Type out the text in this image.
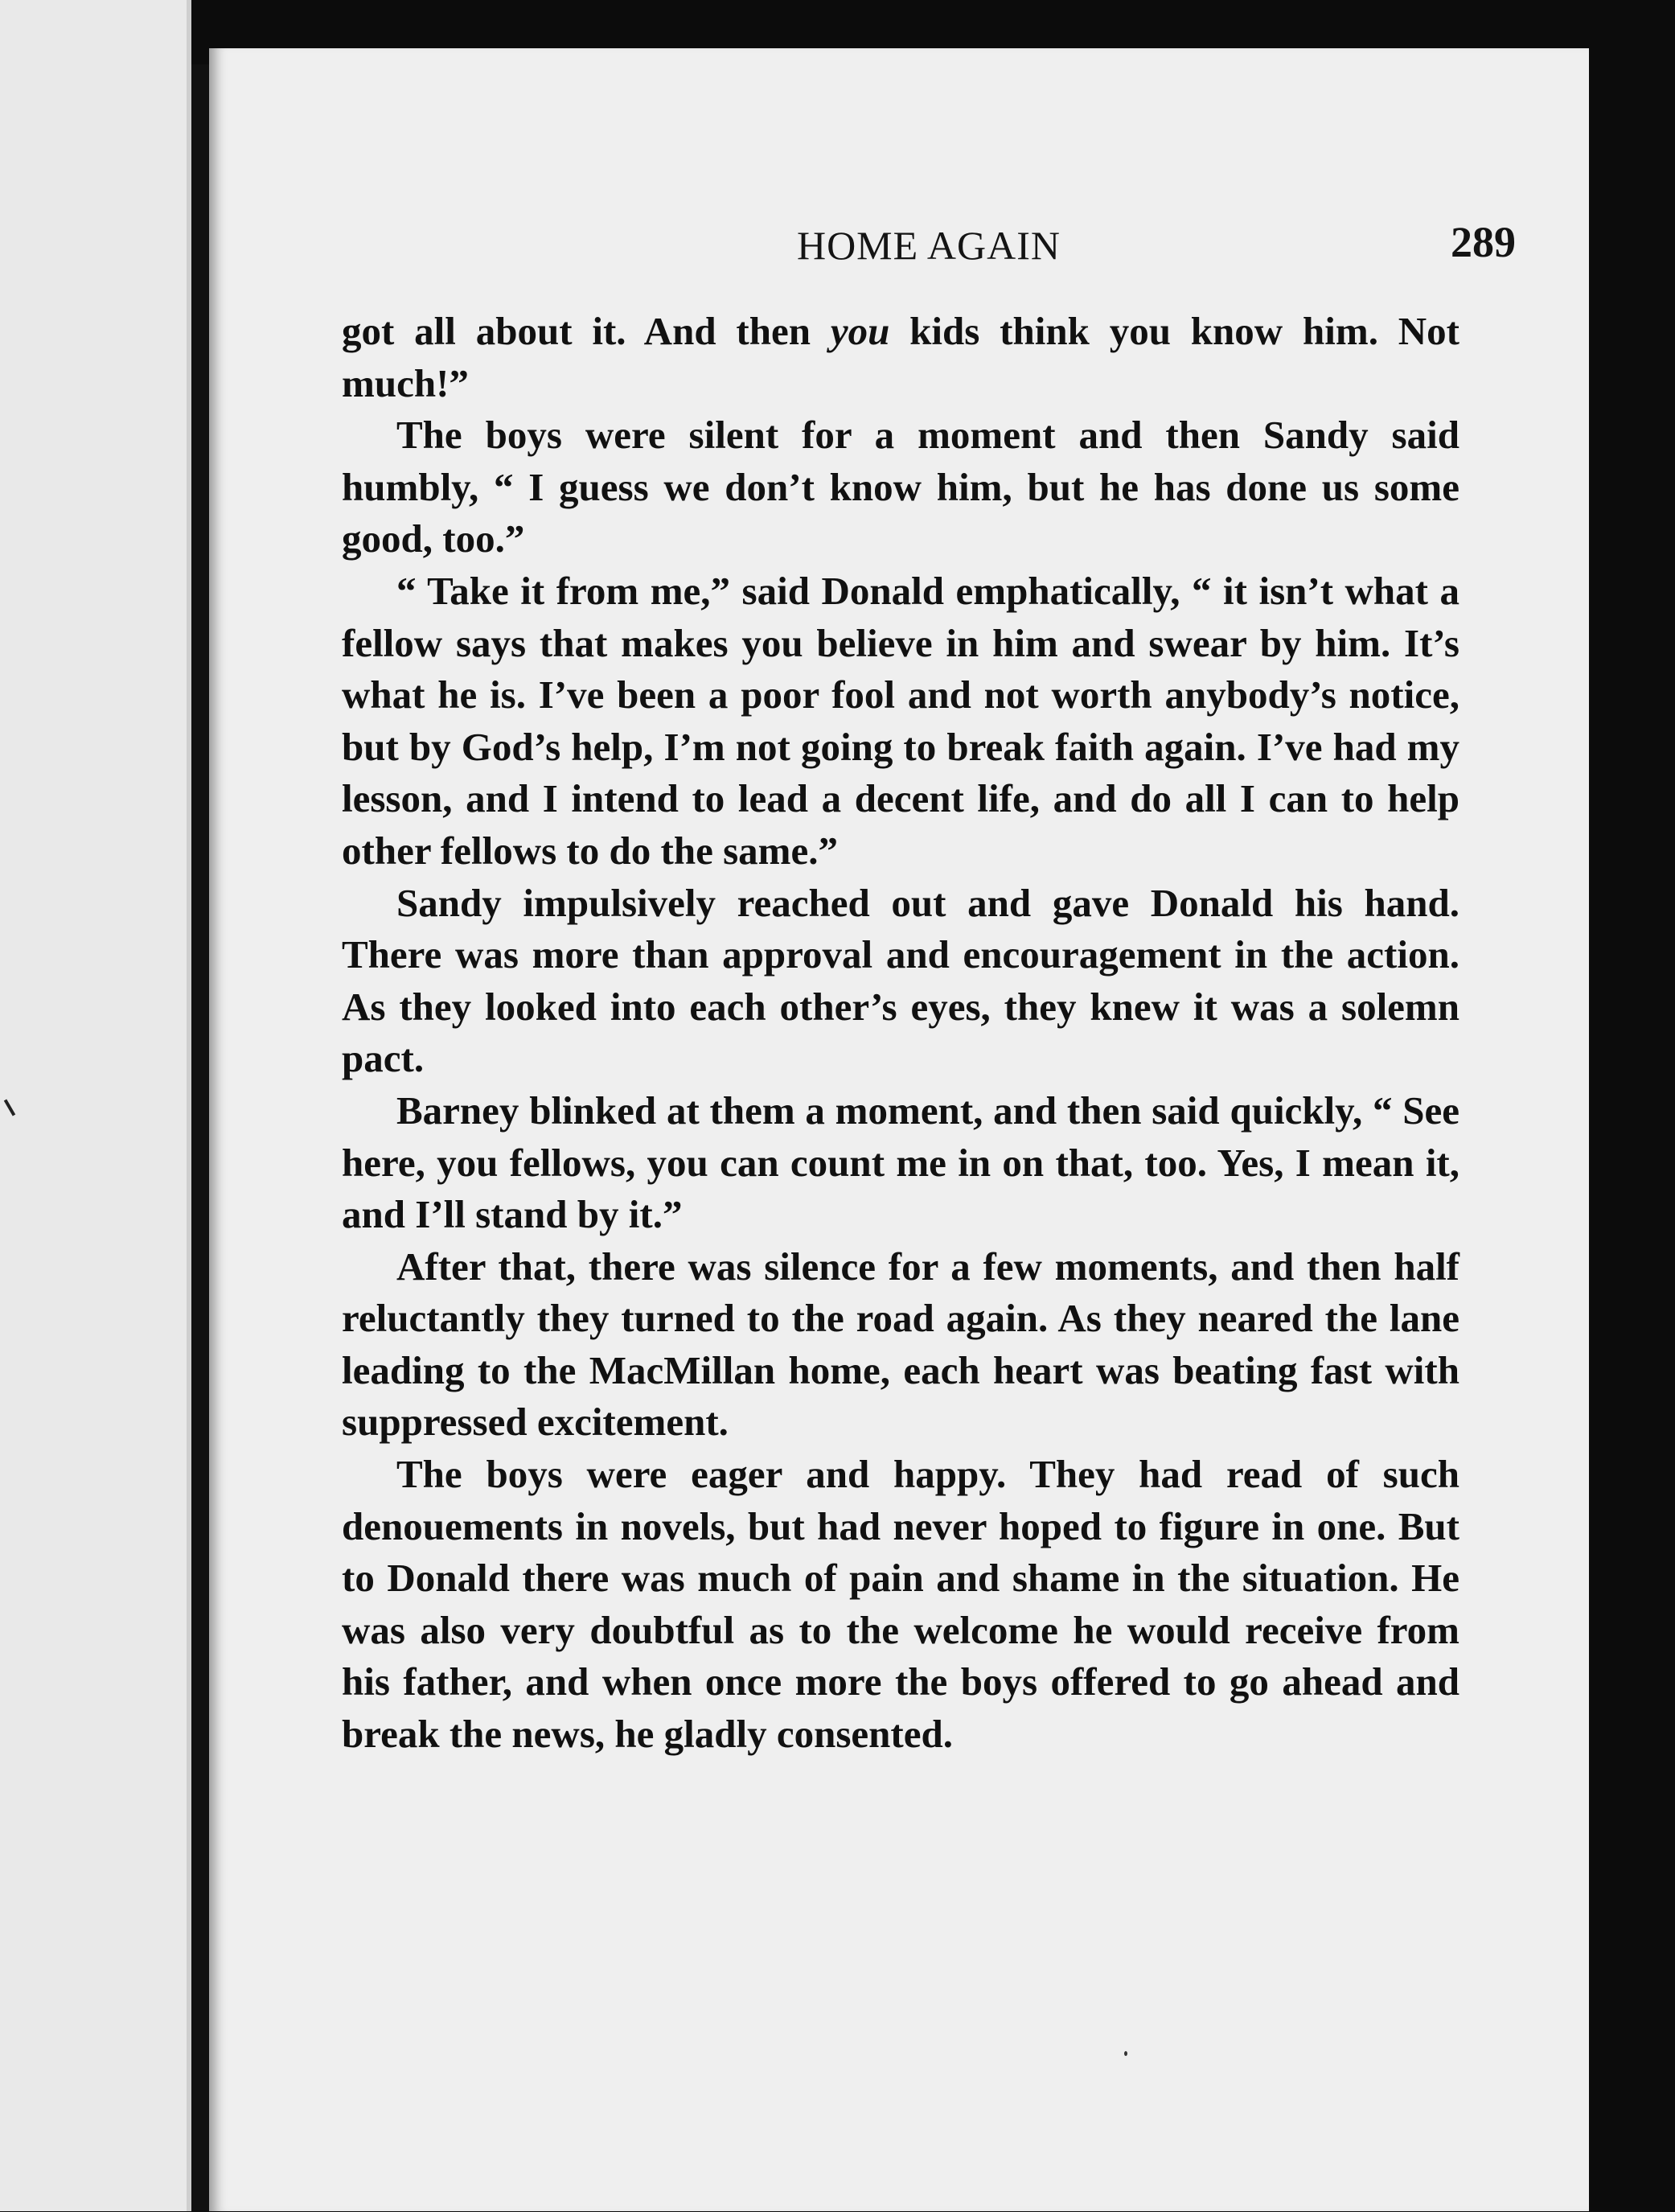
HOME AGAIN	289

got all about it. And then you kids think you know him. Not much!”

The boys were silent for a moment and then Sandy said humbly, “ I guess we don’t know him, but he has done us some good, too.”

“ Take it from me,” said Donald emphatically, “ it isn’t what a fellow says that makes you believe in him and swear by him. It’s what he is. I’ve been a poor fool and not worth anybody’s notice, but by God’s help, I’m not going to break faith again. I’ve had my lesson, and I intend to lead a decent life, and do all I can to help other fellows to do the same.”

Sandy impulsively reached out and gave Donald his hand. There was more than approval and encouragement in the action. As they looked into each other’s eyes, they knew it was a solemn pact.

Barney blinked at them a moment, and then said quickly, “ See here, you fellows, you can count me in on that, too. Yes, I mean it, and I’ll stand by it.”

After that, there was silence for a few moments, and then half reluctantly they turned to the road again. As they neared the lane leading to the MacMillan home, each heart was beating fast with suppressed excitement.

The boys were eager and happy. They had read of such denouements in novels, but had never hoped to figure in one. But to Donald there was much of pain and shame in the situation. He was also very doubtful as to the welcome he would receive from his father, and when once more the boys offered to go ahead and break the news, he gladly consented.
